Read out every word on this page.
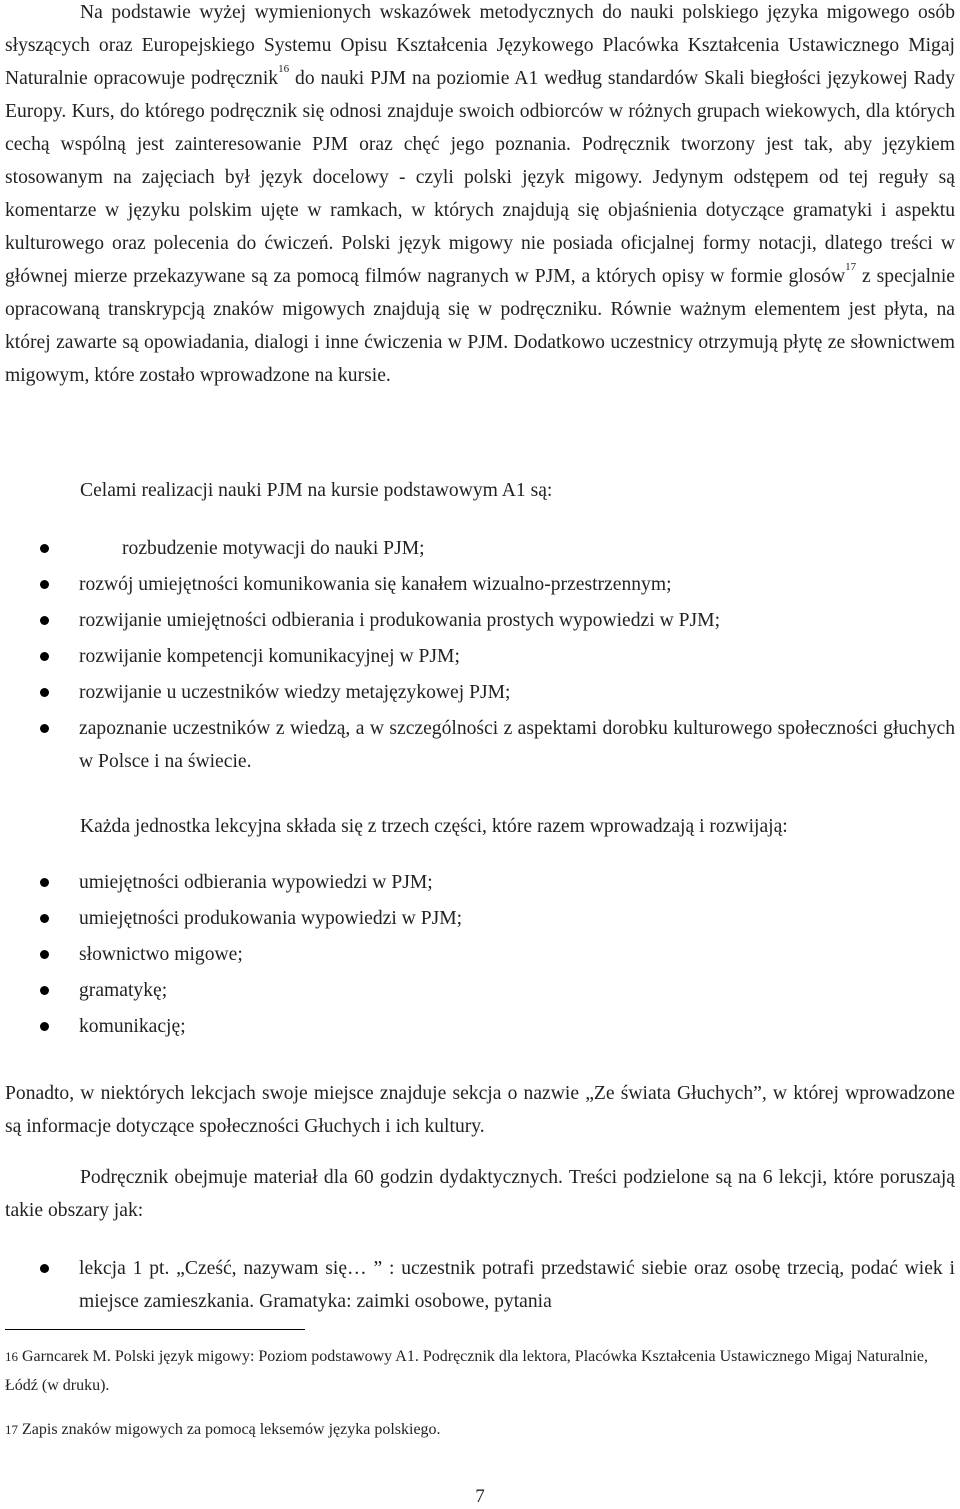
Na podstawie wyżej wymienionych wskazówek metodycznych do nauki polskiego języka migowego osób słyszących oraz Europejskiego Systemu Opisu Kształcenia Językowego Placówka Kształcenia Ustawicznego Migaj Naturalnie opracowuje podręcznik$^{16}$ do nauki PJM na poziomie A1 według standardów Skali biegłości językowej Rady Europy. Kurs, do którego podręcznik się odnosi znajduje swoich odbiorców w różnych grupach wiekowych, dla których cechą wspólną jest zainteresowanie PJM oraz chęć jego poznania. Podręcznik tworzony jest tak, aby językiem stosowanym na zajęciach był język docelowy - czyli polski język migowy. Jedynym odstępem od tej reguły są komentarze w języku polskim ujęte w ramkach, w których znajdują się objaśnienia dotyczące gramatyki i aspektu kulturowego oraz polecenia do ćwiczeń. Polski język migowy nie posiada oficjalnej formy notacji, dlatego treści w głównej mierze przekazywane są za pomocą filmów nagranych w PJM, a których opisy w formie glosów$^{17}$ z specjalnie opracowaną transkrypcją znaków migowych znajdują się w podręczniku. Równie ważnym elementem jest płyta, na której zawarte są opowiadania, dialogi i inne ćwiczenia w PJM. Dodatkowo uczestnicy otrzymują płytę ze słownictwem migowym, które zostało wprowadzone na kursie.

Celami realizacji nauki PJM na kursie podstawowym A1 są:

rozbudzenie motywacji do nauki PJM;
rozwój umiejętności komunikowania się kanałem wizualno-przestrzennym;
rozwijanie umiejętności odbierania i produkowania prostych wypowiedzi w PJM;
rozwijanie kompetencji komunikacyjnej w PJM;
rozwijanie u uczestników wiedzy metajęzykowej PJM;
zapoznanie uczestników z wiedzą, a w szczególności z aspektami dorobku kulturowego społeczności głuchych w Polsce i na świecie.

Każda jednostka lekcyjna składa się z trzech części, które razem wprowadzają i rozwijają:

umiejętności odbierania wypowiedzi w PJM;
umiejętności produkowania wypowiedzi w PJM;
słownictwo migowe;
gramatykę;
komunikację;

Ponadto, w niektórych lekcjach swoje miejsce znajduje sekcja o nazwie „Ze świata Głuchych”, w której wprowadzone są informacje dotyczące społeczności Głuchych i ich kultury.

Podręcznik obejmuje materiał dla 60 godzin dydaktycznych. Treści podzielone są na 6 lekcji, które poruszają takie obszary jak:

lekcja 1 pt. „Cześć, nazywam się… ” : uczestnik potrafi przedstawić siebie oraz osobę trzecią, podać wiek i miejsce zamieszkania. Gramatyka: zaimki osobowe, pytania

$^{16}$ Garncarek M. Polski język migowy: Poziom podstawowy A1. Podręcznik dla lektora, Placówka Kształcenia Ustawicznego Migaj Naturalnie, Łódź (w druku).

$^{17}$ Zapis znaków migowych za pomocą leksemów języka polskiego.

7
